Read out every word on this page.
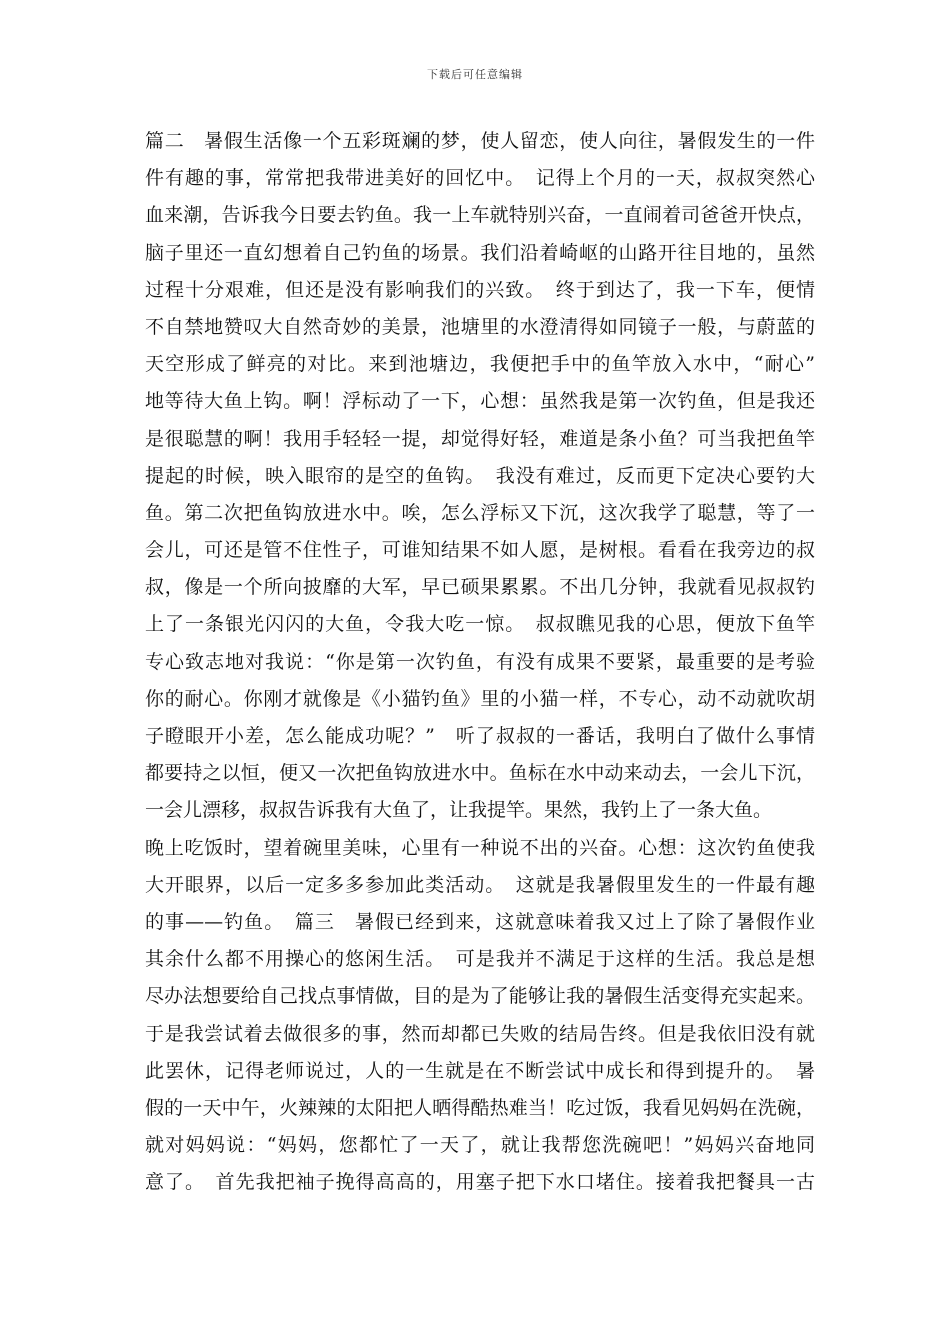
下载后可任意编辑
篇二　暑假生活像一个五彩斑斓的梦，使人留恋，使人向往，暑假发生的一件
件有趣的事，常常把我带进美好的回忆中。　记得上个月的一天，叔叔突然心
血来潮，告诉我今日要去钓鱼。我一上车就特别兴奋，一直闹着司爸爸开快点，
脑子里还一直幻想着自己钓鱼的场景。我们沿着崎岖的山路开往目地的，虽然
过程十分艰难，但还是没有影响我们的兴致。　终于到达了，我一下车，便情
不自禁地赞叹大自然奇妙的美景，池塘里的水澄清得如同镜子一般，与蔚蓝的
天空形成了鲜亮的对比。来到池塘边，我便把手中的鱼竿放入水中，“耐心”
地等待大鱼上钩。啊！浮标动了一下，心想：虽然我是第一次钓鱼，但是我还
是很聪慧的啊！我用手轻轻一提，却觉得好轻，难道是条小鱼？可当我把鱼竿
提起的时候，映入眼帘的是空的鱼钩。　我没有难过，反而更下定决心要钓大
鱼。第二次把鱼钩放进水中。唉，怎么浮标又下沉，这次我学了聪慧，等了一
会儿，可还是管不住性子，可谁知结果不如人愿，是树根。看看在我旁边的叔
叔，像是一个所向披靡的大军，早已硕果累累。不出几分钟，我就看见叔叔钓
上了一条银光闪闪的大鱼，令我大吃一惊。　叔叔瞧见我的心思，便放下鱼竿
专心致志地对我说：“你是第一次钓鱼，有没有成果不要紧，最重要的是考验
你的耐心。你刚才就像是《小猫钓鱼》里的小猫一样，不专心，动不动就吹胡
子瞪眼开小差，怎么能成功呢？”　听了叔叔的一番话，我明白了做什么事情
都要持之以恒，便又一次把鱼钩放进水中。鱼标在水中动来动去，一会儿下沉，
一会儿漂移，叔叔告诉我有大鱼了，让我提竿。果然，我钓上了一条大鱼。
晚上吃饭时，望着碗里美味，心里有一种说不出的兴奋。心想：这次钓鱼使我
大开眼界，以后一定多多参加此类活动。　这就是我暑假里发生的一件最有趣
的事——钓鱼。　篇三　暑假已经到来，这就意味着我又过上了除了暑假作业
其余什么都不用操心的悠闲生活。　可是我并不满足于这样的生活。我总是想
尽办法想要给自己找点事情做，目的是为了能够让我的暑假生活变得充实起来。
于是我尝试着去做很多的事，然而却都已失败的结局告终。但是我依旧没有就
此罢休，记得老师说过，人的一生就是在不断尝试中成长和得到提升的。　暑
假的一天中午，火辣辣的太阳把人晒得酷热难当！吃过饭，我看见妈妈在洗碗，
就对妈妈说：“妈妈，您都忙了一天了，就让我帮您洗碗吧！”妈妈兴奋地同
意了。　首先我把袖子挽得高高的，用塞子把下水口堵住。接着我把餐具一古
